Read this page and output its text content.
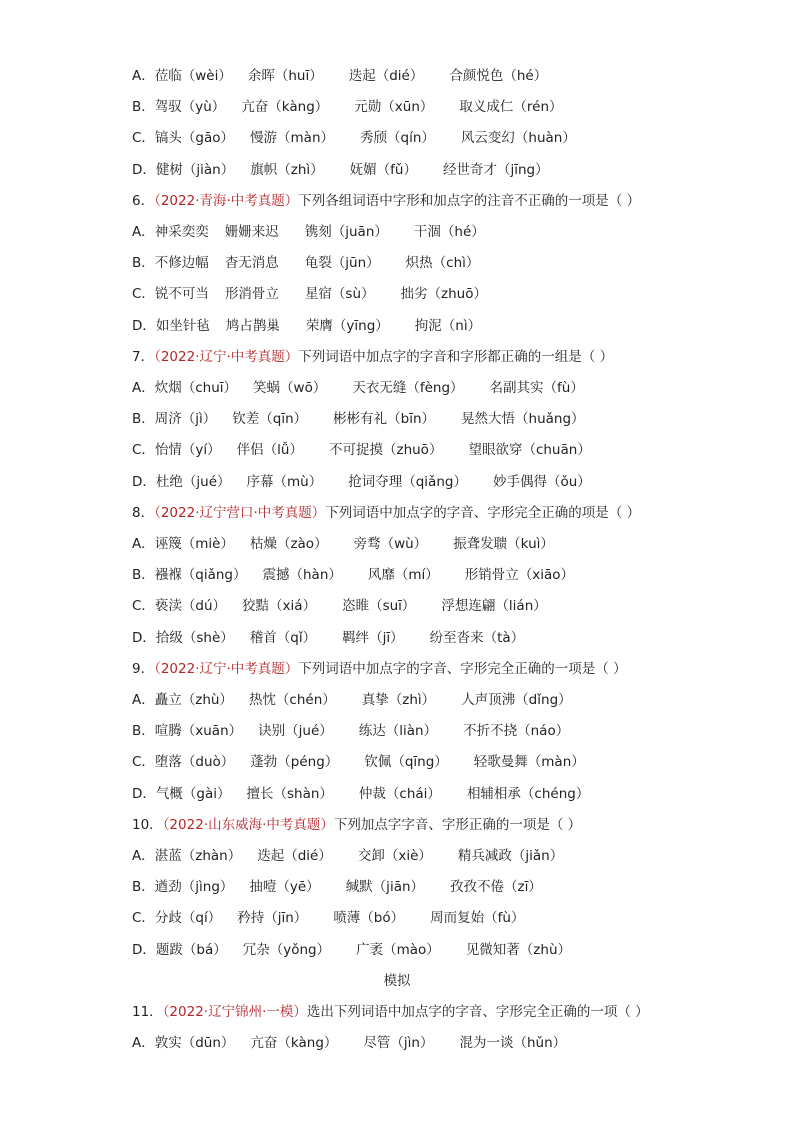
A．莅临（wèi） 余晖（huī） 迭起（dié） 合颜悦色（hé）
B．驾驭（yù） 亢奋（kàng） 元勋（xūn） 取义成仁（rén）
C．镐头（gāo） 慢游（màn） 秀颀（qín） 风云变幻（huàn）
D．健树（jiàn） 旗帜（zhì） 妩媚（fǔ） 经世奇才（jīng）
6．（2022·青海·中考真题）下列各组词语中字形和加点字的注音不正确的一项是（ ）
A．神采奕奕 姗姗来迟 镌刻（juān） 干涸（hé）
B．不修边幅 杳无消息 龟裂（jūn） 炽热（chì）
C．锐不可当 形消骨立 星宿（sù） 拙劣（zhuō）
D．如坐针毡 鸠占鹊巢 荣膺（yīng） 拘泥（nì）
7．（2022·辽宁·中考真题）下列词语中加点字的字音和字形都正确的一组是（ ）
A．炊烟（chuī） 笑蜗（wō） 天衣无缝（fèng） 名副其实（fù）
B．周济（jì） 钦差（qīn） 彬彬有礼（bīn） 晃然大悟（huǎng）
C．怡情（yí） 伴侣（lǚ） 不可捉摸（zhuō） 望眼欲穿（chuān）
D．杜绝（jué） 序幕（mù） 抢词夺理（qiǎng） 妙手偶得（ǒu）
8．（2022·辽宁营口·中考真题）下列词语中加点字的字音、字形完全正确的项是（ ）
A．诬篾（miè） 枯燥（zào） 旁骛（wù） 振聋发聩（kuì）
B．襁褓（qiǎng） 震撼（hàn） 风靡（mí） 形销骨立（xiāo）
C．亵渎（dú） 狡黠（xiá） 恣睢（suī） 浮想连翩（lián）
D．拾级（shè） 稽首（qǐ） 羁绊（jī） 纷至沓来（tà）
9．（2022·辽宁·中考真题）下列词语中加点字的字音、字形完全正确的一项是（ ）
A．矗立（zhù） 热忱（chén） 真挚（zhì） 人声顶沸（dǐng）
B．喧腾（xuān） 诀别（jué） 练达（liàn） 不折不挠（náo）
C．堕落（duò） 蓬勃（péng） 钦佩（qīng） 轻歌曼舞（màn）
D．气概（gài） 擅长（shàn） 仲裁（chái） 相辅相承（chéng）
10．（2022·山东威海·中考真题）下列加点字字音、字形正确的一项是（ ）
A．湛蓝（zhàn） 迭起（dié） 交卸（xiè） 精兵减政（jiǎn）
B．遒劲（jìng） 抽噎（yē） 缄默（jiān） 孜孜不倦（zī）
C．分歧（qí） 矜持（jīn） 喷薄（bó） 周而复始（fù）
D．题跋（bá） 冗杂（yǒng） 广袤（mào） 见微知著（zhù）
模拟
11．（2022·辽宁锦州·一模）选出下列词语中加点字的字音、字形完全正确的一项（ ）
A．敦实（dūn） 亢奋（kàng） 尽管（jìn） 混为一谈（hǔn）
